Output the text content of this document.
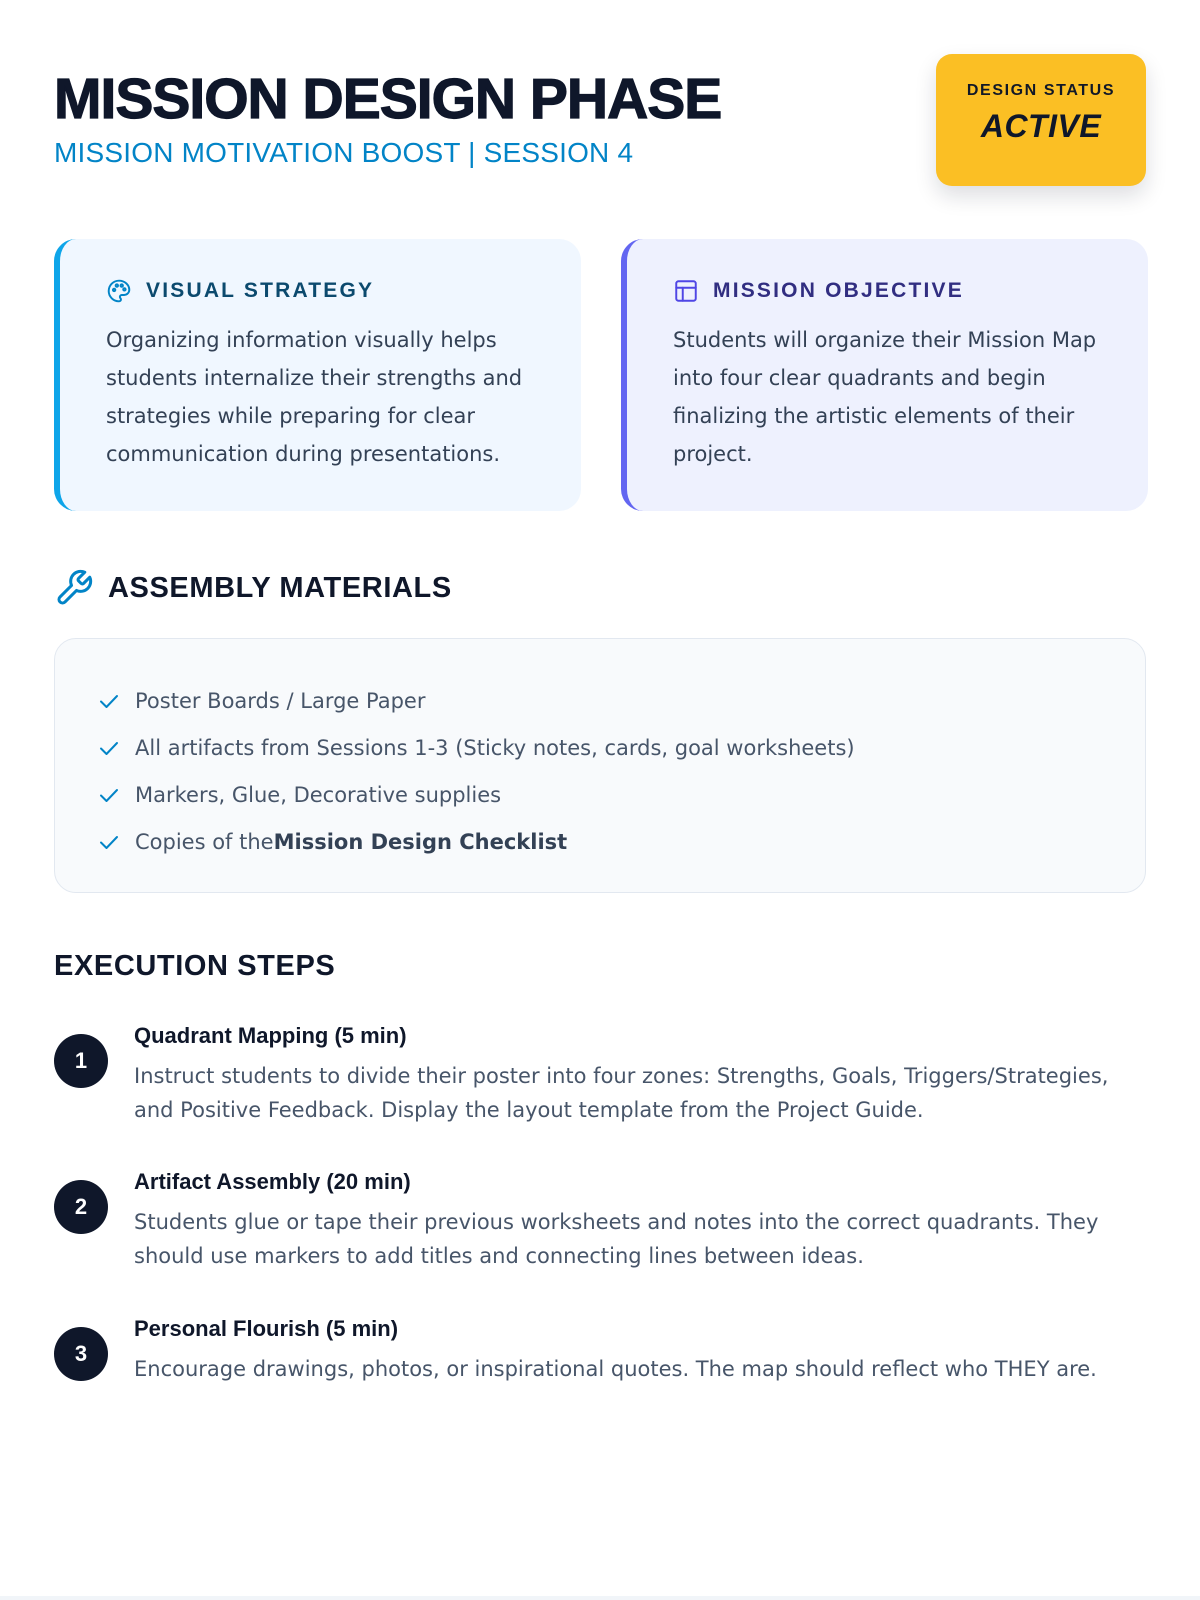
MISSION DESIGN PHASE
MISSION MOTIVATION BOOST | SESSION 4
DESIGN STATUS
ACTIVE
VISUAL STRATEGY

Organizing information visually helps students internalize their strengths and strategies while preparing for clear communication during presentations.

MISSION OBJECTIVE

Students will organize their Mission Map into four clear quadrants and begin finalizing the artistic elements of their project.

ASSEMBLY MATERIALS
Poster Boards / Large Paper
All artifacts from Sessions 1-3 (Sticky notes, cards, goal worksheets)
Markers, Glue, Decorative supplies
Copies of theMission Design Checklist
EXECUTION STEPS
1
Quadrant Mapping (5 min)
Instruct students to divide their poster into four zones: Strengths, Goals, Triggers/Strategies, and Positive Feedback. Display the layout template from the Project Guide.
2
Artifact Assembly (20 min)
Students glue or tape their previous worksheets and notes into the correct quadrants. They should use markers to add titles and connecting lines between ideas.
3
Personal Flourish (5 min)
Encourage drawings, photos, or inspirational quotes. The map should reflect who THEY are.
